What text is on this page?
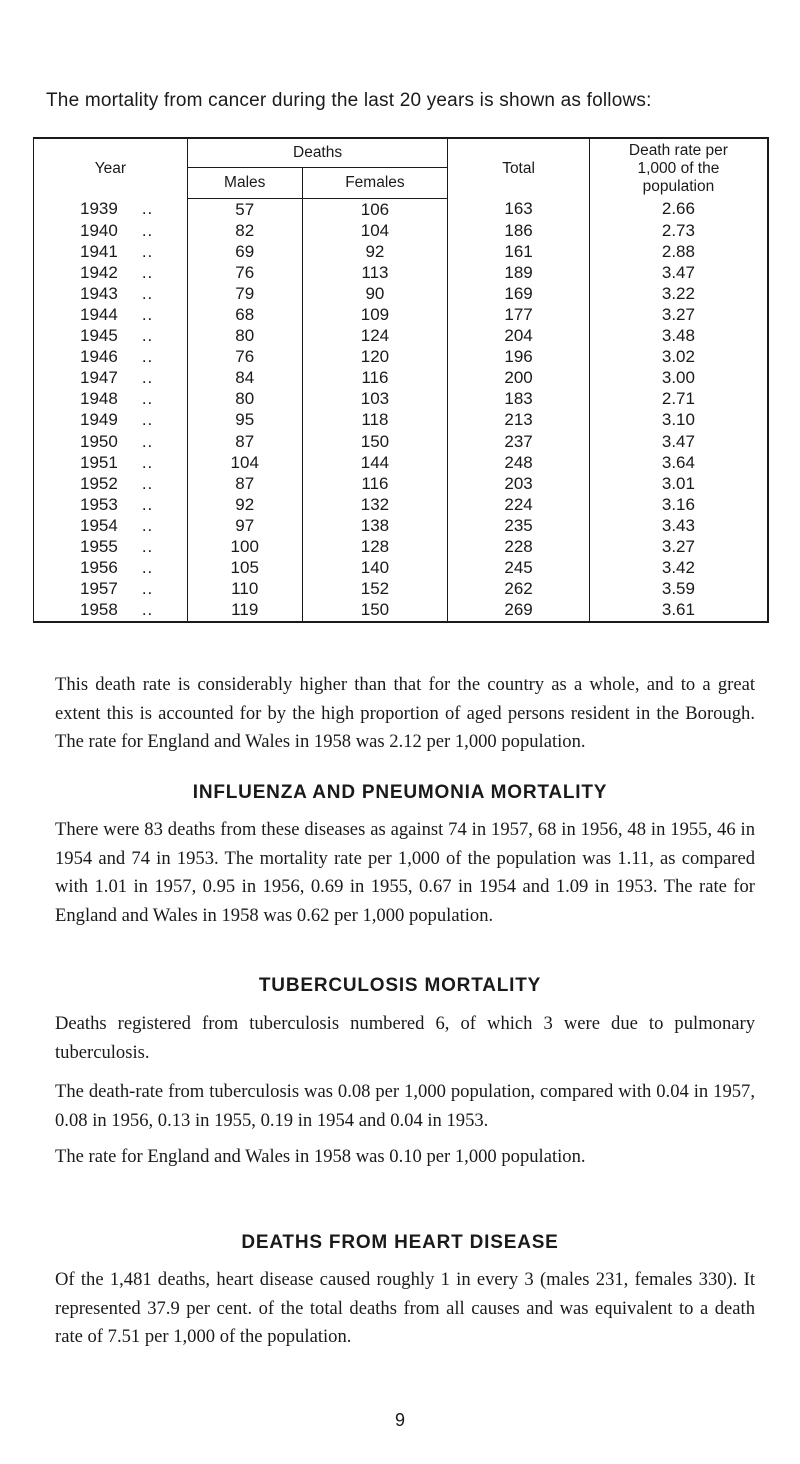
The mortality from cancer during the last 20 years is shown as follows:

Year	Deaths		Total	Death rate per
1,000 of the
population
	Males	Females		
1939 ..	57	106	163	2.66
1940 ..	82	104	186	2.73
1941 ..	69	92	161	2.88
1942 ..	76	113	189	3.47
1943 ..	79	90	169	3.22
1944 ..	68	109	177	3.27
1945 ..	80	124	204	3.48
1946 ..	76	120	196	3.02
1947 ..	84	116	200	3.00
1948 ..	80	103	183	2.71
1949 ..	95	118	213	3.10
1950 ..	87	150	237	3.47
1951 ..	104	144	248	3.64
1952 ..	87	116	203	3.01
1953 ..	92	132	224	3.16
1954 ..	97	138	235	3.43
1955 ..	100	128	228	3.27
1956 ..	105	140	245	3.42
1957 ..	110	152	262	3.59
1958 ..	119	150	269	3.61

This death rate is considerably higher than that for the country as a whole, and to a great extent this is accounted for by the high proportion of aged persons resident in the Borough. The rate for England and Wales in 1958 was 2.12 per 1,000 population.

INFLUENZA AND PNEUMONIA MORTALITY

There were 83 deaths from these diseases as against 74 in 1957, 68 in 1956, 48 in 1955, 46 in 1954 and 74 in 1953. The mortality rate per 1,000 of the population was 1.11, as compared with 1.01 in 1957, 0.95 in 1956, 0.69 in 1955, 0.67 in 1954 and 1.09 in 1953. The rate for England and Wales in 1958 was 0.62 per 1,000 population.

TUBERCULOSIS MORTALITY

Deaths registered from tuberculosis numbered 6, of which 3 were due to pulmonary tuberculosis.

The death-rate from tuberculosis was 0.08 per 1,000 population, compared with 0.04 in 1957, 0.08 in 1956, 0.13 in 1955, 0.19 in 1954 and 0.04 in 1953.

The rate for England and Wales in 1958 was 0.10 per 1,000 population.

DEATHS FROM HEART DISEASE

Of the 1,481 deaths, heart disease caused roughly 1 in every 3 (males 231, females 330). It represented 37.9 per cent. of the total deaths from all causes and was equivalent to a death rate of 7.51 per 1,000 of the population.

9
